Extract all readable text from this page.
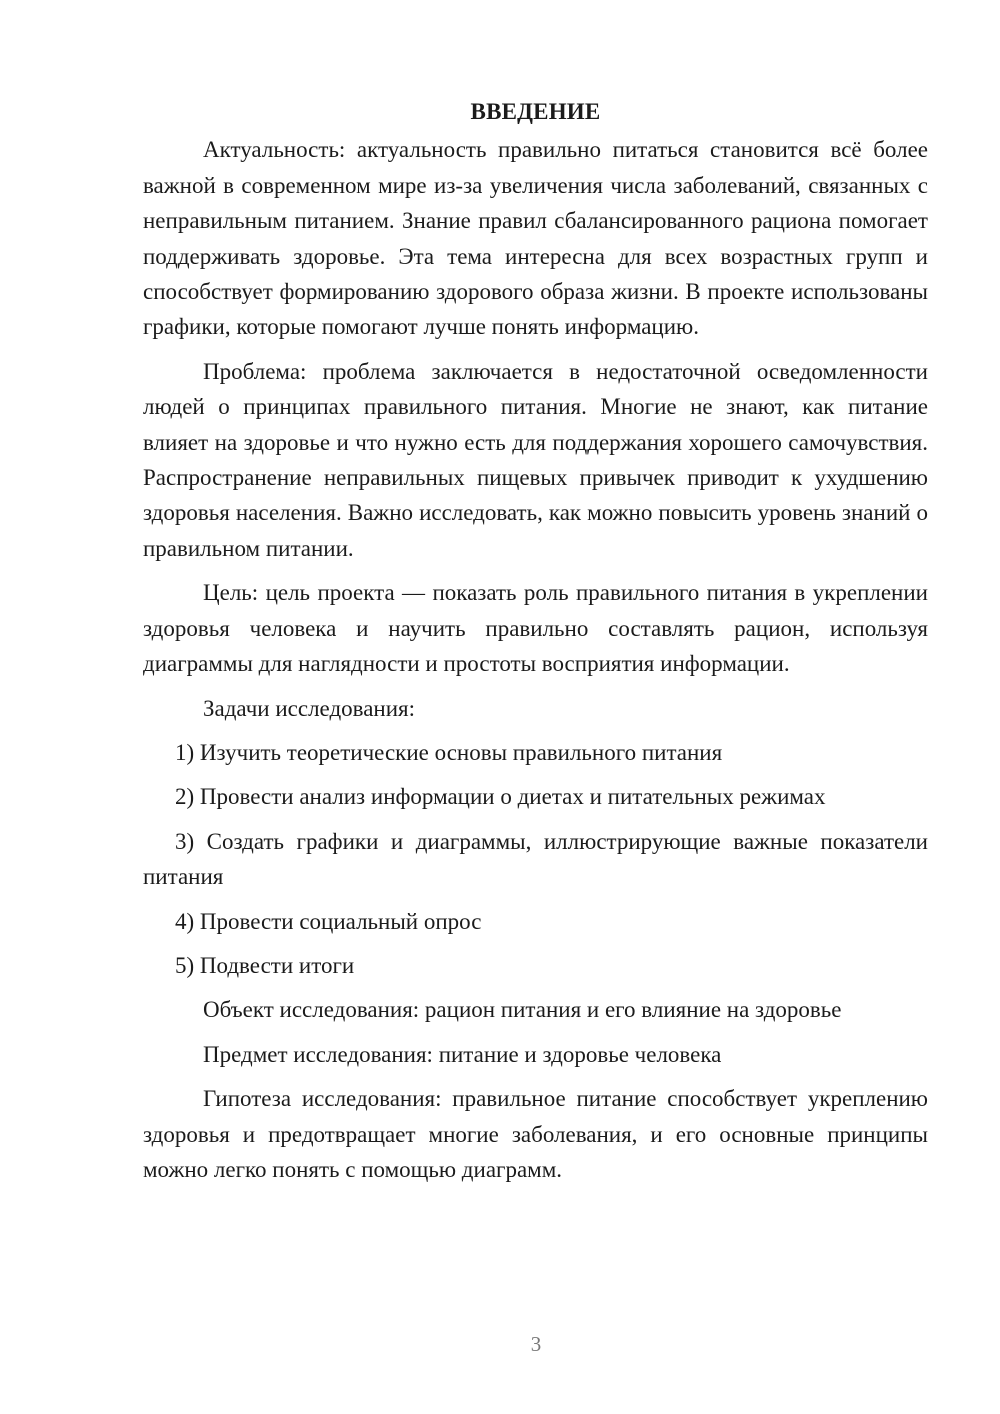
ВВЕДЕНИЕ

Актуальность: актуальность правильно питаться становится всё более важной в современном мире из-за увеличения числа заболеваний, связанных с неправильным питанием. Знание правил сбалансированного рациона помогает поддерживать здоровье. Эта тема интересна для всех возрастных групп и способствует формированию здорового образа жизни. В проекте использованы графики, которые помогают лучше понять информацию.

Проблема: проблема заключается в недостаточной осведомленности людей о принципах правильного питания. Многие не знают, как питание влияет на здоровье и что нужно есть для поддержания хорошего самочувствия. Распространение неправильных пищевых привычек приводит к ухудшению здоровья населения. Важно исследовать, как можно повысить уровень знаний о правильном питании.

Цель: цель проекта — показать роль правильного питания в укреплении здоровья человека и научить правильно составлять рацион, используя диаграммы для наглядности и простоты восприятия информации.

Задачи исследования:

1) Изучить теоретические основы правильного питания

2) Провести анализ информации о диетах и питательных режимах

3) Создать графики и диаграммы, иллюстрирующие важные показатели питания

4) Провести социальный опрос

5) Подвести итоги

Объект исследования: рацион питания и его влияние на здоровье

Предмет исследования: питание и здоровье человека

Гипотеза исследования: правильное питание способствует укреплению здоровья и предотвращает многие заболевания, и его основные принципы можно легко понять с помощью диаграмм.

3
